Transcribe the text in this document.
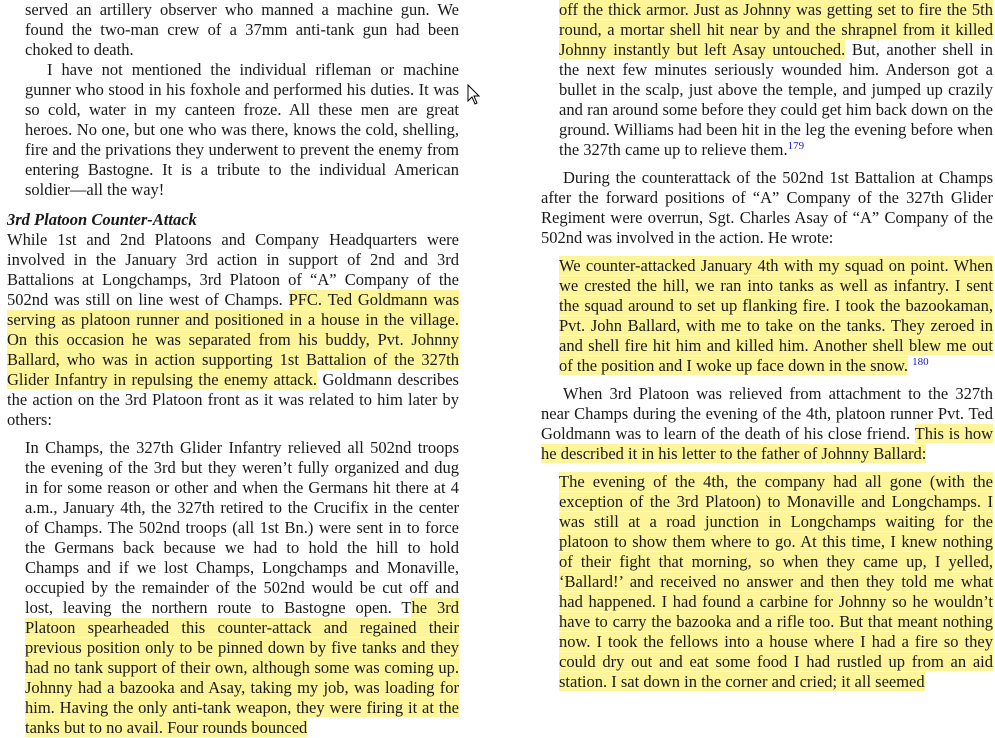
served an artillery observer who manned a machine gun. We found the two-man crew of a 37mm anti-tank gun had been choked to death.

I have not mentioned the individual rifleman or machine gunner who stood in his foxhole and performed his duties. It was so cold, water in my canteen froze. All these men are great heroes. No one, but one who was there, knows the cold, shelling, fire and the privations they underwent to prevent the enemy from entering Bastogne. It is a tribute to the individual American soldier—all the way!

3rd Platoon Counter-Attack

While 1st and 2nd Platoons and Company Headquarters were involved in the January 3rd action in support of 2nd and 3rd Battalions at Longchamps, 3rd Platoon of “A” Company of the 502nd was still on line west of Champs. PFC. Ted Goldmann was serving as platoon runner and positioned in a house in the village. On this occasion he was separated from his buddy, Pvt. Johnny Ballard, who was in action supporting 1st Battalion of the 327th Glider Infantry in repulsing the enemy attack. Goldmann describes the action on the 3rd Platoon front as it was related to him later by others:

In Champs, the 327th Glider Infantry relieved all 502nd troops the evening of the 3rd but they weren’t fully organized and dug in for some reason or other and when the Germans hit there at 4 a.m., January 4th, the 327th retired to the Crucifix in the center of Champs. The 502nd troops (all 1st Bn.) were sent in to force the Germans back because we had to hold the hill to hold Champs and if we lost Champs, Longchamps and Monaville, occupied by the remainder of the 502nd would be cut off and lost, leaving the northern route to Bastogne open. The 3rd Platoon spearheaded this counter-attack and regained their previous position only to be pinned down by five tanks and they had no tank support of their own, although some was coming up. Johnny had a bazooka and Asay, taking my job, was loading for him. Having the only anti-tank weapon, they were firing it at the tanks but to no avail. Four rounds bounced

off the thick armor. Just as Johnny was getting set to fire the 5th round, a mortar shell hit near by and the shrapnel from it killed Johnny instantly but left Asay untouched. But, another shell in the next few minutes seriously wounded him. Anderson got a bullet in the scalp, just above the temple, and jumped up crazily and ran around some before they could get him back down on the ground. Williams had been hit in the leg the evening before when the 327th came up to relieve them.$^{179}$

During the counterattack of the 502nd 1st Battalion at Champs after the forward positions of “A” Company of the 327th Glider Regiment were overrun, Sgt. Charles Asay of “A” Company of the 502nd was involved in the action. He wrote:

We counter-attacked January 4th with my squad on point. When we crested the hill, we ran into tanks as well as infantry. I sent the squad around to set up flanking fire. I took the bazookaman, Pvt. John Ballard, with me to take on the tanks. They zeroed in and shell fire hit him and killed him. Another shell blew me out of the position and I woke up face down in the snow. $^{180}$

When 3rd Platoon was relieved from attachment to the 327th near Champs during the evening of the 4th, platoon runner Pvt. Ted Goldmann was to learn of the death of his close friend. This is how he described it in his letter to the father of Johnny Ballard:

The evening of the 4th, the company had all gone (with the exception of the 3rd Platoon) to Monaville and Longchamps. I was still at a road junction in Longchamps waiting for the platoon to show them where to go. At this time, I knew nothing of their fight that morning, so when they came up, I yelled, ‘Ballard!’ and received no answer and then they told me what had happened. I had found a carbine for Johnny so he wouldn’t have to carry the bazooka and a rifle too. But that meant nothing now. I took the fellows into a house where I had a fire so they could dry out and eat some food I had rustled up from an aid station. I sat down in the corner and cried; it all seemed
